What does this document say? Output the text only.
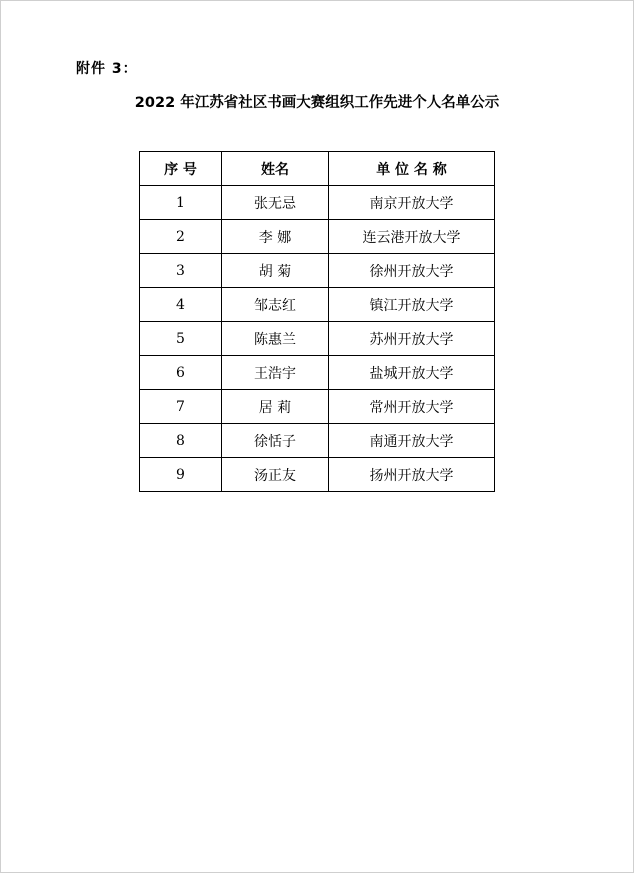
附件 3：
2022 年江苏省社区书画大赛组织工作先进个人名单公示
序 号	姓名	单 位 名 称
1	张无忌	南京开放大学
2	李 娜	连云港开放大学
3	胡 菊	徐州开放大学
4	邹志红	镇江开放大学
5	陈惠兰	苏州开放大学
6	王浩宇	盐城开放大学
7	居 莉	常州开放大学
8	徐恬子	南通开放大学
9	汤正友	扬州开放大学
